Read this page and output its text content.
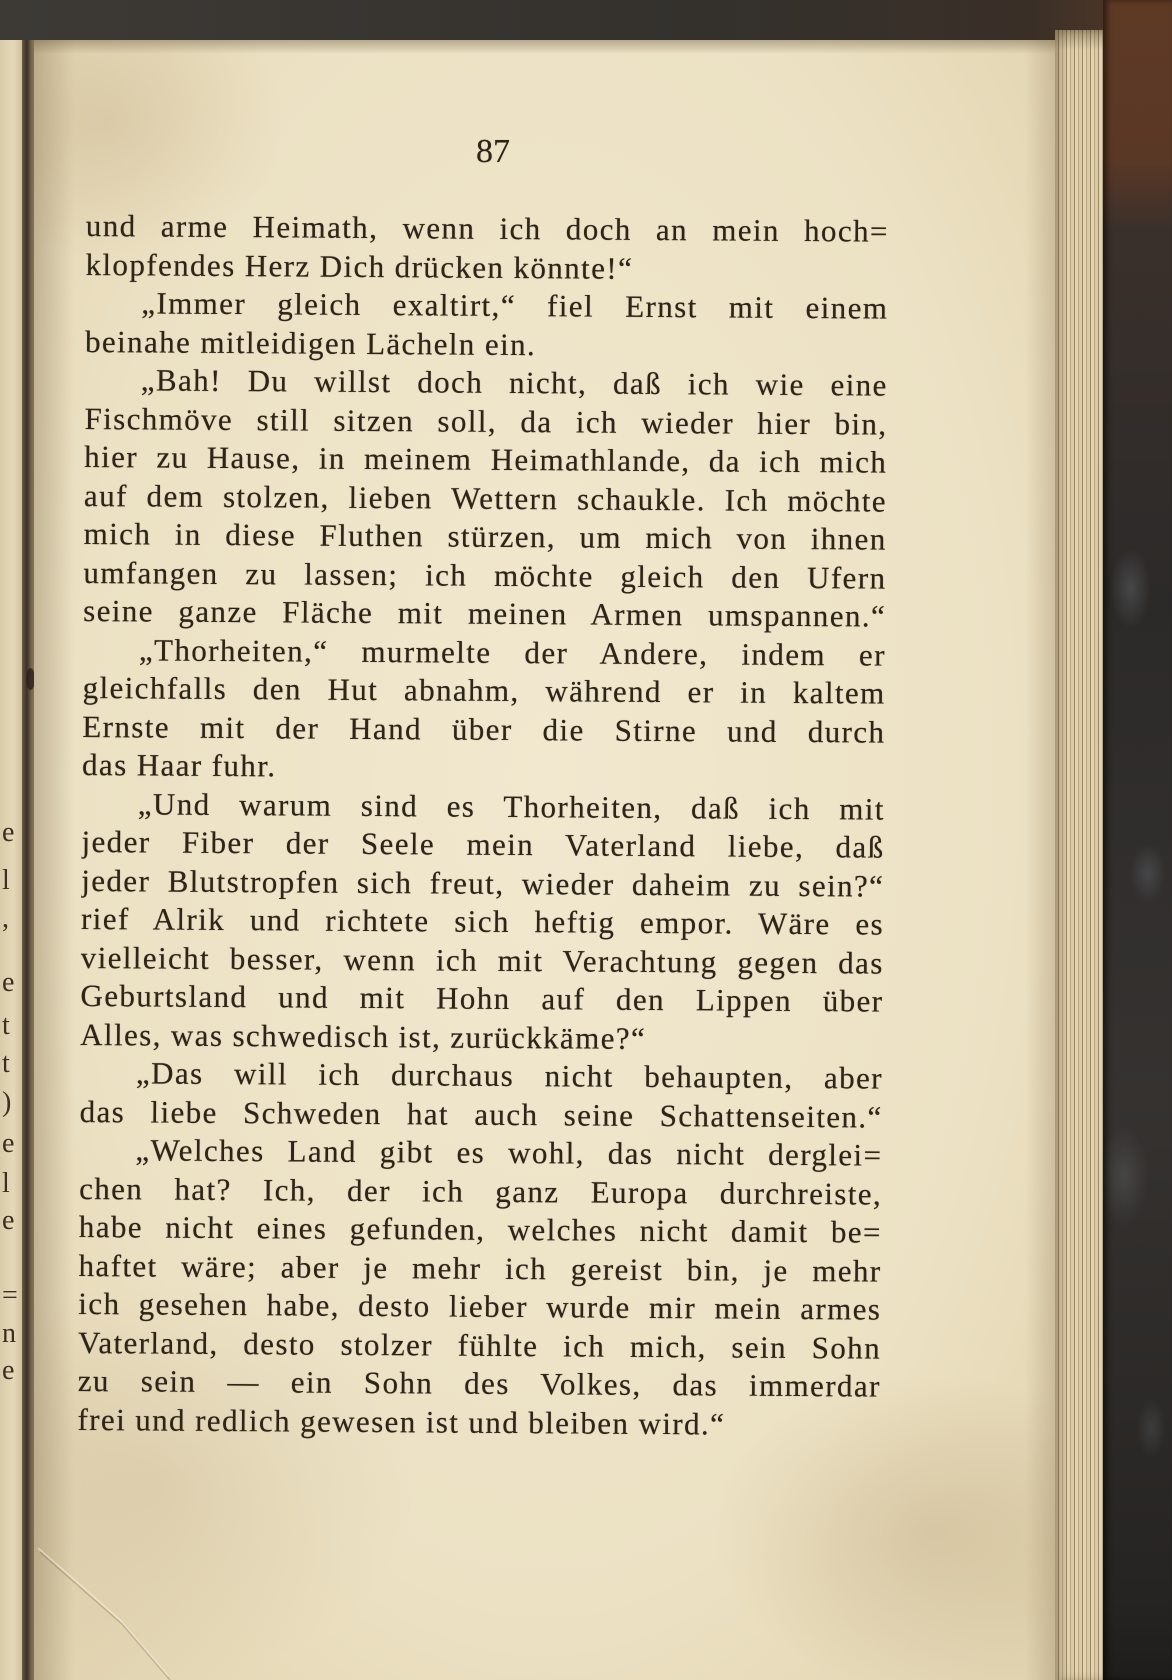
e
l
,
e
t
t
)
e
l
e
=
n
e
87
und arme Heimath, wenn ich doch an mein hoch=
klopfendes Herz Dich drücken könnte!“
„Immer gleich exaltirt,“ fiel Ernst mit einem
beinahe mitleidigen Lächeln ein.
„Bah! Du willst doch nicht, daß ich wie eine
Fischmöve still sitzen soll, da ich wieder hier bin,
hier zu Hause, in meinem Heimathlande, da ich mich
auf dem stolzen, lieben Wettern schaukle. Ich möchte
mich in diese Fluthen stürzen, um mich von ihnen
umfangen zu lassen; ich möchte gleich den Ufern
seine ganze Fläche mit meinen Armen umspannen.“
„Thorheiten,“ murmelte der Andere, indem er
gleichfalls den Hut abnahm, während er in kaltem
Ernste mit der Hand über die Stirne und durch
das Haar fuhr.
„Und warum sind es Thorheiten, daß ich mit
jeder Fiber der Seele mein Vaterland liebe, daß
jeder Blutstropfen sich freut, wieder daheim zu sein?“
rief Alrik und richtete sich heftig empor. Wäre es
vielleicht besser, wenn ich mit Verachtung gegen das
Geburtsland und mit Hohn auf den Lippen über
Alles, was schwedisch ist, zurückkäme?“
„Das will ich durchaus nicht behaupten, aber
das liebe Schweden hat auch seine Schattenseiten.“
„Welches Land gibt es wohl, das nicht derglei=
chen hat? Ich, der ich ganz Europa durchreiste,
habe nicht eines gefunden, welches nicht damit be=
haftet wäre; aber je mehr ich gereist bin, je mehr
ich gesehen habe, desto lieber wurde mir mein armes
Vaterland, desto stolzer fühlte ich mich, sein Sohn
zu sein — ein Sohn des Volkes, das immerdar
frei und redlich gewesen ist und bleiben wird.“
